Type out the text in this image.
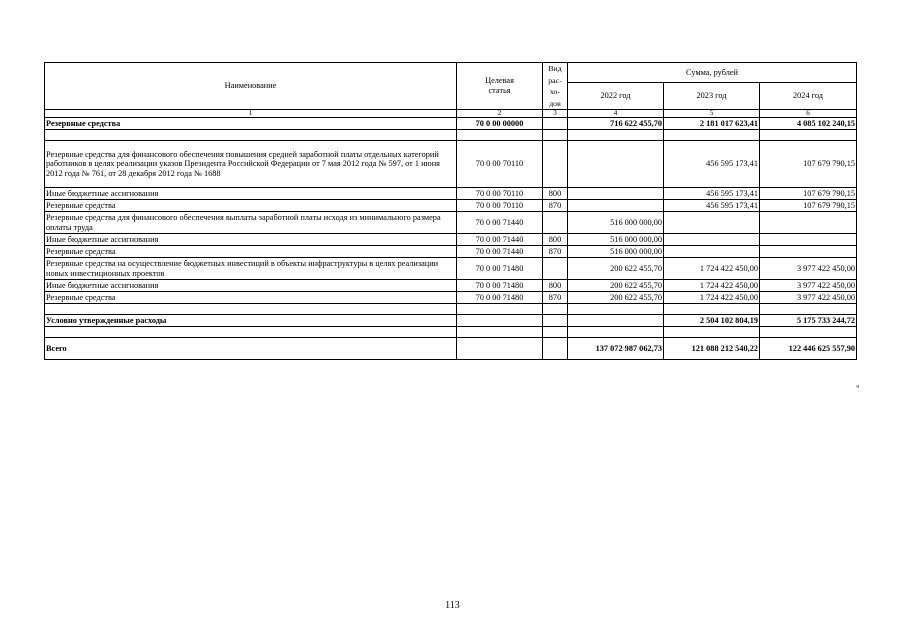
Наименование	Целевая статья	Вид
рас-
хо-
дов	Сумма, рублей		
			2022 год	2023 год	2024 год
1	2	3	4	5	6
Резервные средства	70 0 00 00000		716 622 455,70	2 181 017 623,41	4 085 102 240,15

Резервные средства для финансового обеспечения повышения средней заработной платы отдельных категорий работников в целях реализации указов Президента Российской Федерации от 7 мая 2012 года № 597, от 1 июня 2012 года № 761, от 28 декабря 2012 года № 1688	70 0 00 70110			456 595 173,41	107 679 790,15
Иные бюджетные ассигнования	70 0 00 70110	800		456 595 173,41	107 679 790,15
Резервные средства	70 0 00 70110	870		456 595 173,41	107 679 790,15
Резервные средства для финансового обеспечения выплаты заработной платы исходя из минимального размера оплаты труда	70 0 00 71440		516 000 000,00		
Иные бюджетные ассигнования	70 0 00 71440	800	516 000 000,00		
Резервные средства	70 0 00 71440	870	516 000 000,00		
Резервные средства на осуществление бюджетных инвестиций в объекты инфраструктуры в целях реализации новых инвестиционных проектов	70 0 00 71480		200 622 455,70	1 724 422 450,00	3 977 422 450,00
Иные бюджетные ассигнования	70 0 00 71480	800	200 622 455,70	1 724 422 450,00	3 977 422 450,00
Резервные средства	70 0 00 71480	870	200 622 455,70	1 724 422 450,00	3 977 422 450,00

Условно утвержденные расходы				2 504 102 804,19	5 175 733 244,72

Всего			137 072 987 062,73	121 088 212 540,22	122 446 625 557,90
"
113
